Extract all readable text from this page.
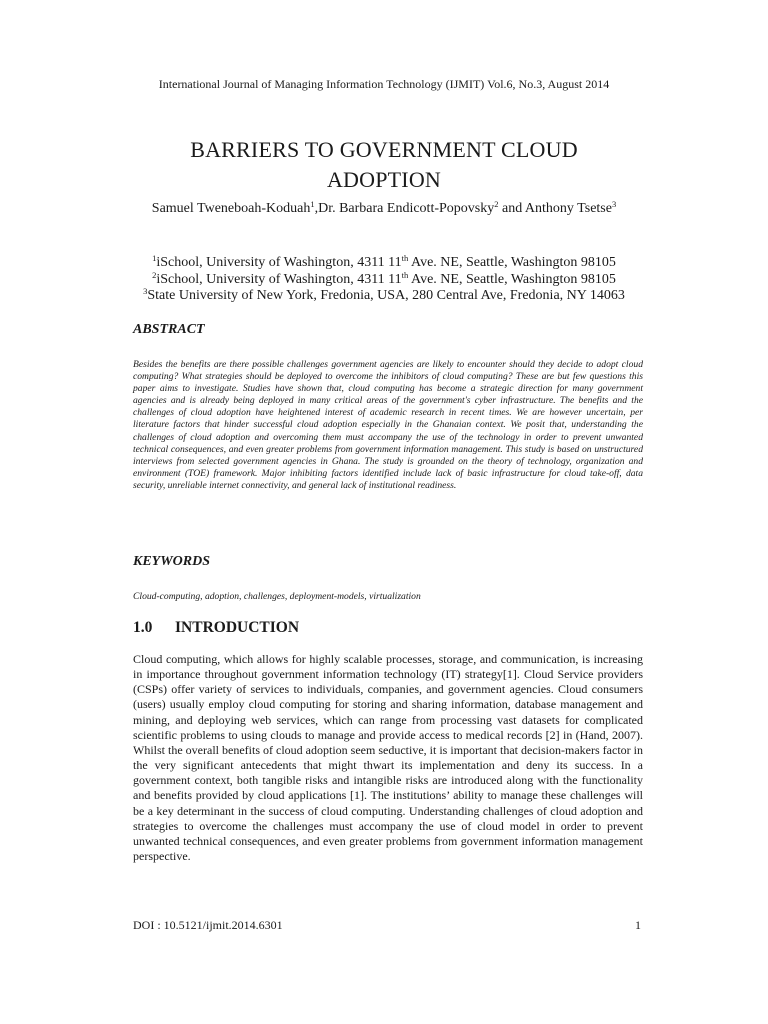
International Journal of Managing Information Technology (IJMIT) Vol.6, No.3, August 2014
BARRIERS TO GOVERNMENT CLOUD ADOPTION
Samuel Tweneboah-Koduah$^1$,Dr. Barbara Endicott-Popovsky$^2$ and Anthony Tsetse$^3$
$^1$iSchool, University of Washington, 4311 11th Ave. NE, Seattle, Washington 98105
$^2$iSchool, University of Washington, 4311 11th Ave. NE, Seattle, Washington 98105
$^3$State University of New York, Fredonia, USA, 280 Central Ave, Fredonia, NY 14063
ABSTRACT
Besides the benefits are there possible challenges government agencies are likely to encounter should they decide to adopt cloud computing? What strategies should be deployed to overcome the inhibitors of cloud computing? These are but few questions this paper aims to investigate. Studies have shown that, cloud computing has become a strategic direction for many government agencies and is already being deployed in many critical areas of the government's cyber infrastructure. The benefits and the challenges of cloud adoption have heightened interest of academic research in recent times. We are however uncertain, per literature factors that hinder successful cloud adoption especially in the Ghanaian context. We posit that, understanding the challenges of cloud adoption and overcoming them must accompany the use of the technology in order to prevent unwanted technical consequences, and even greater problems from government information management. This study is based on unstructured interviews from selected government agencies in Ghana. The study is grounded on the theory of technology, organization and environment (TOE) framework. Major inhibiting factors identified include lack of basic infrastructure for cloud take-off, data security, unreliable internet connectivity, and general lack of institutional readiness.
KEYWORDS
Cloud-computing, adoption, challenges, deployment-models, virtualization
1.0 INTRODUCTION
Cloud computing, which allows for highly scalable processes, storage, and communication, is increasing in importance throughout government information technology (IT) strategy[1]. Cloud Service providers (CSPs) offer variety of services to individuals, companies, and government agencies. Cloud consumers (users) usually employ cloud computing for storing and sharing information, database management and mining, and deploying web services, which can range from processing vast datasets for complicated scientific problems to using clouds to manage and provide access to medical records [2] in (Hand, 2007). Whilst the overall benefits of cloud adoption seem seductive, it is important that decision-makers factor in the very significant antecedents that might thwart its implementation and deny its success. In a government context, both tangible risks and intangible risks are introduced along with the functionality and benefits provided by cloud applications [1]. The institutions’ ability to manage these challenges will be a key determinant in the success of cloud computing. Understanding challenges of cloud adoption and strategies to overcome the challenges must accompany the use of cloud model in order to prevent unwanted technical consequences, and even greater problems from government information management perspective.
DOI : 10.5121/ijmit.2014.6301	1
